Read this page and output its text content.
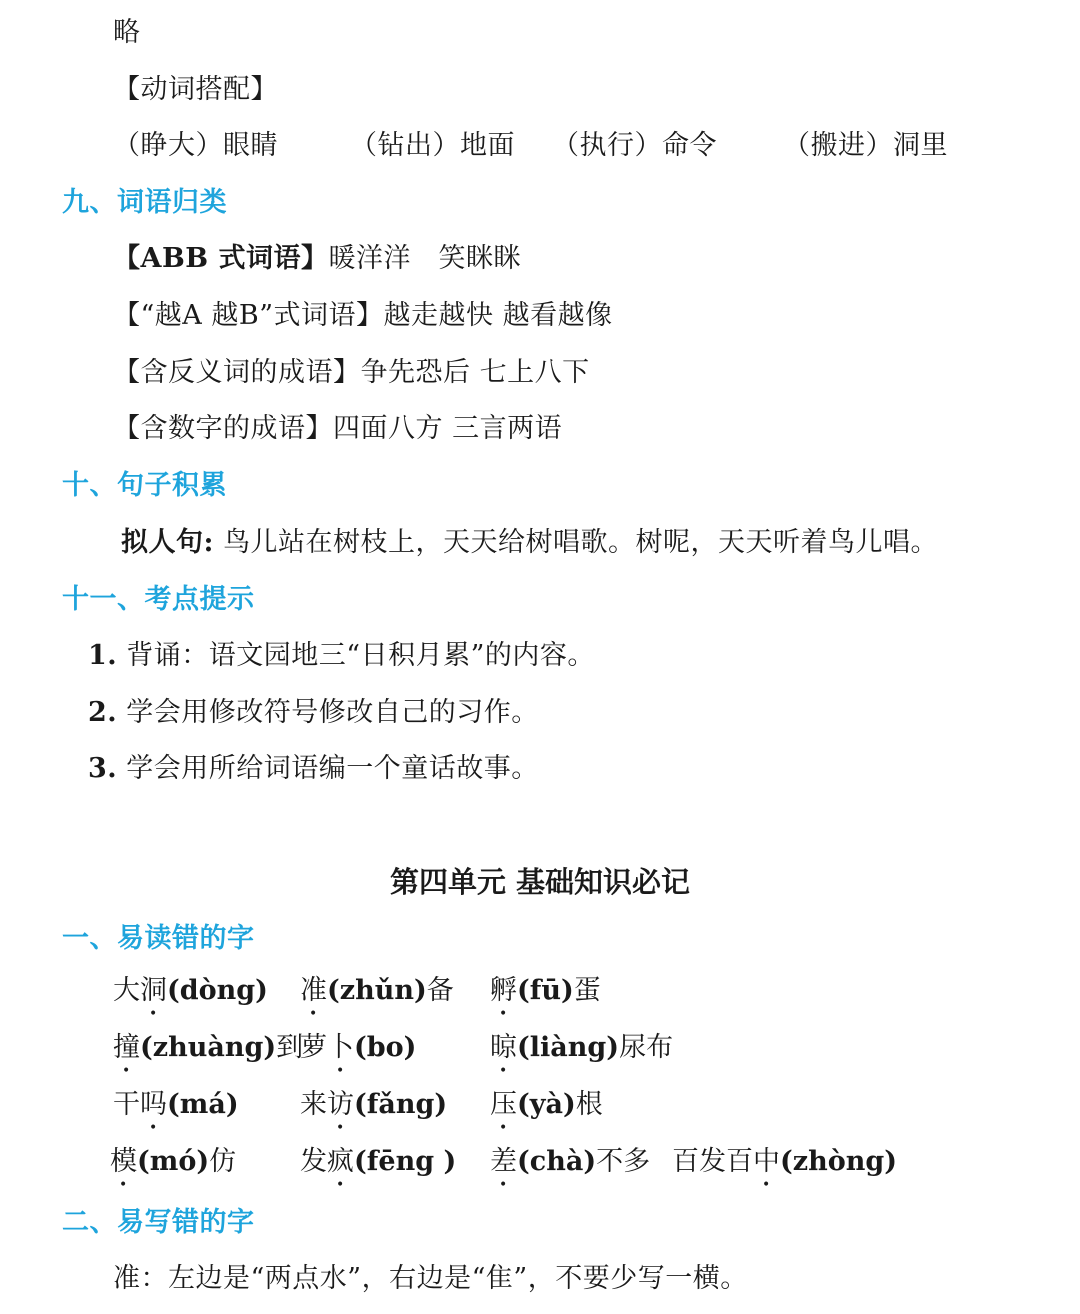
略
【动词搭配】
（睁大）眼睛	（钻出）地面 （执行）命令 （搬进）洞里
九、词语归类
【ABB 式词语】暖洋洋　笑眯眯
【“越A 越B”式词语】越走越快 越看越像
【含反义词的成语】争先恐后 七上八下
【含数字的成语】四面八方 三言两语
十、句子积累
拟人句: 鸟儿站在树枝上，天天给树唱歌。树呢，天天听着鸟儿唱。
十一、考点提示
1. 背诵：语文园地三“日积月累”的内容。
2. 学会用修改符号修改自己的习作。
3. 学会用所给词语编一个童话故事。
第四单元 基础知识必记
一、易读错的字
大洞(dòng) 准(zhǔn)备 孵(fū)蛋
撞(zhuàng)到
萝卜(bo)	晾(liàng)尿布
干吗(má) 来访(fǎng) 压(yà)根
模(mó)仿 发疯(fēng ) 差(chà)不多 百发百中(zhòng)
二、易写错的字
准：左边是“两点水”，右边是“隹”，不要少写一横。
